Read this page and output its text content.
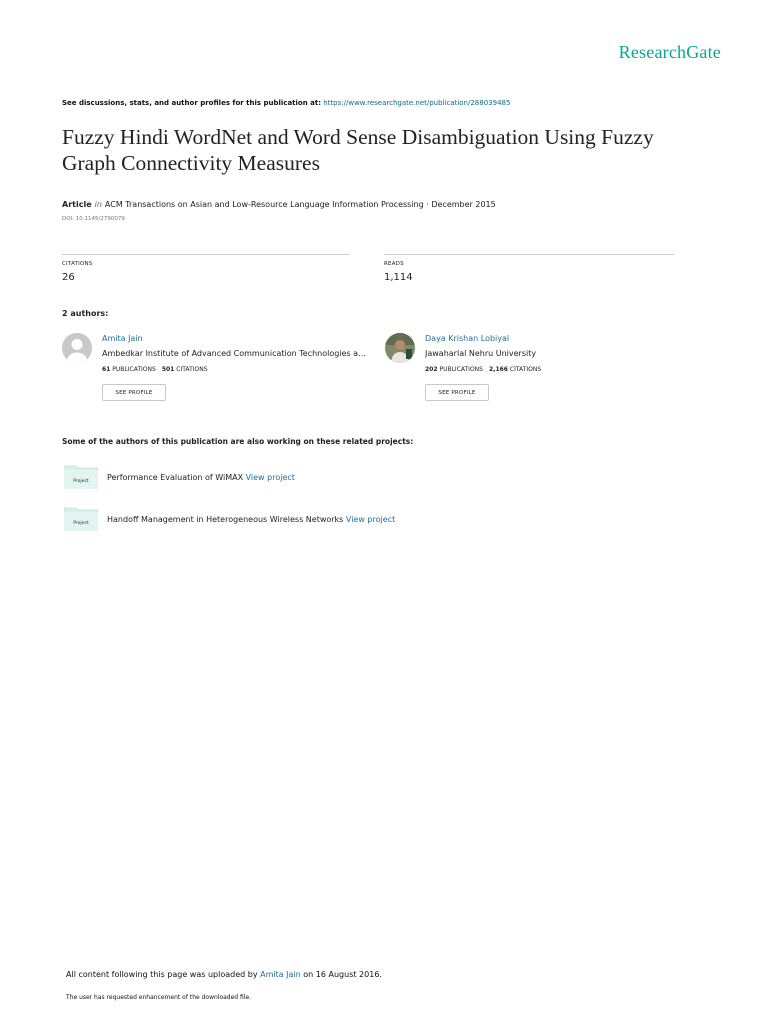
ResearchGate
See discussions, stats, and author profiles for this publication at: https://www.researchgate.net/publication/288039485
Fuzzy Hindi WordNet and Word Sense Disambiguation Using Fuzzy Graph Connectivity Measures
Article in ACM Transactions on Asian and Low-Resource Language Information Processing · December 2015
DOI: 10.1145/2790079
CITATIONS
26
READS
1,114
2 authors:
Amita Jain
Ambedkar Institute of Advanced Communication Technologies a…
61 PUBLICATIONS 501 CITATIONS
SEE PROFILE
Daya Krishan Lobiyal
Jawaharlal Nehru University
202 PUBLICATIONS 2,166 CITATIONS
SEE PROFILE
Some of the authors of this publication are also working on these related projects:
Project Performance Evaluation of WiMAX View project
Project Handoff Management in Heterogeneous Wireless Networks View project
All content following this page was uploaded by Amita Jain on 16 August 2016.
The user has requested enhancement of the downloaded file.
